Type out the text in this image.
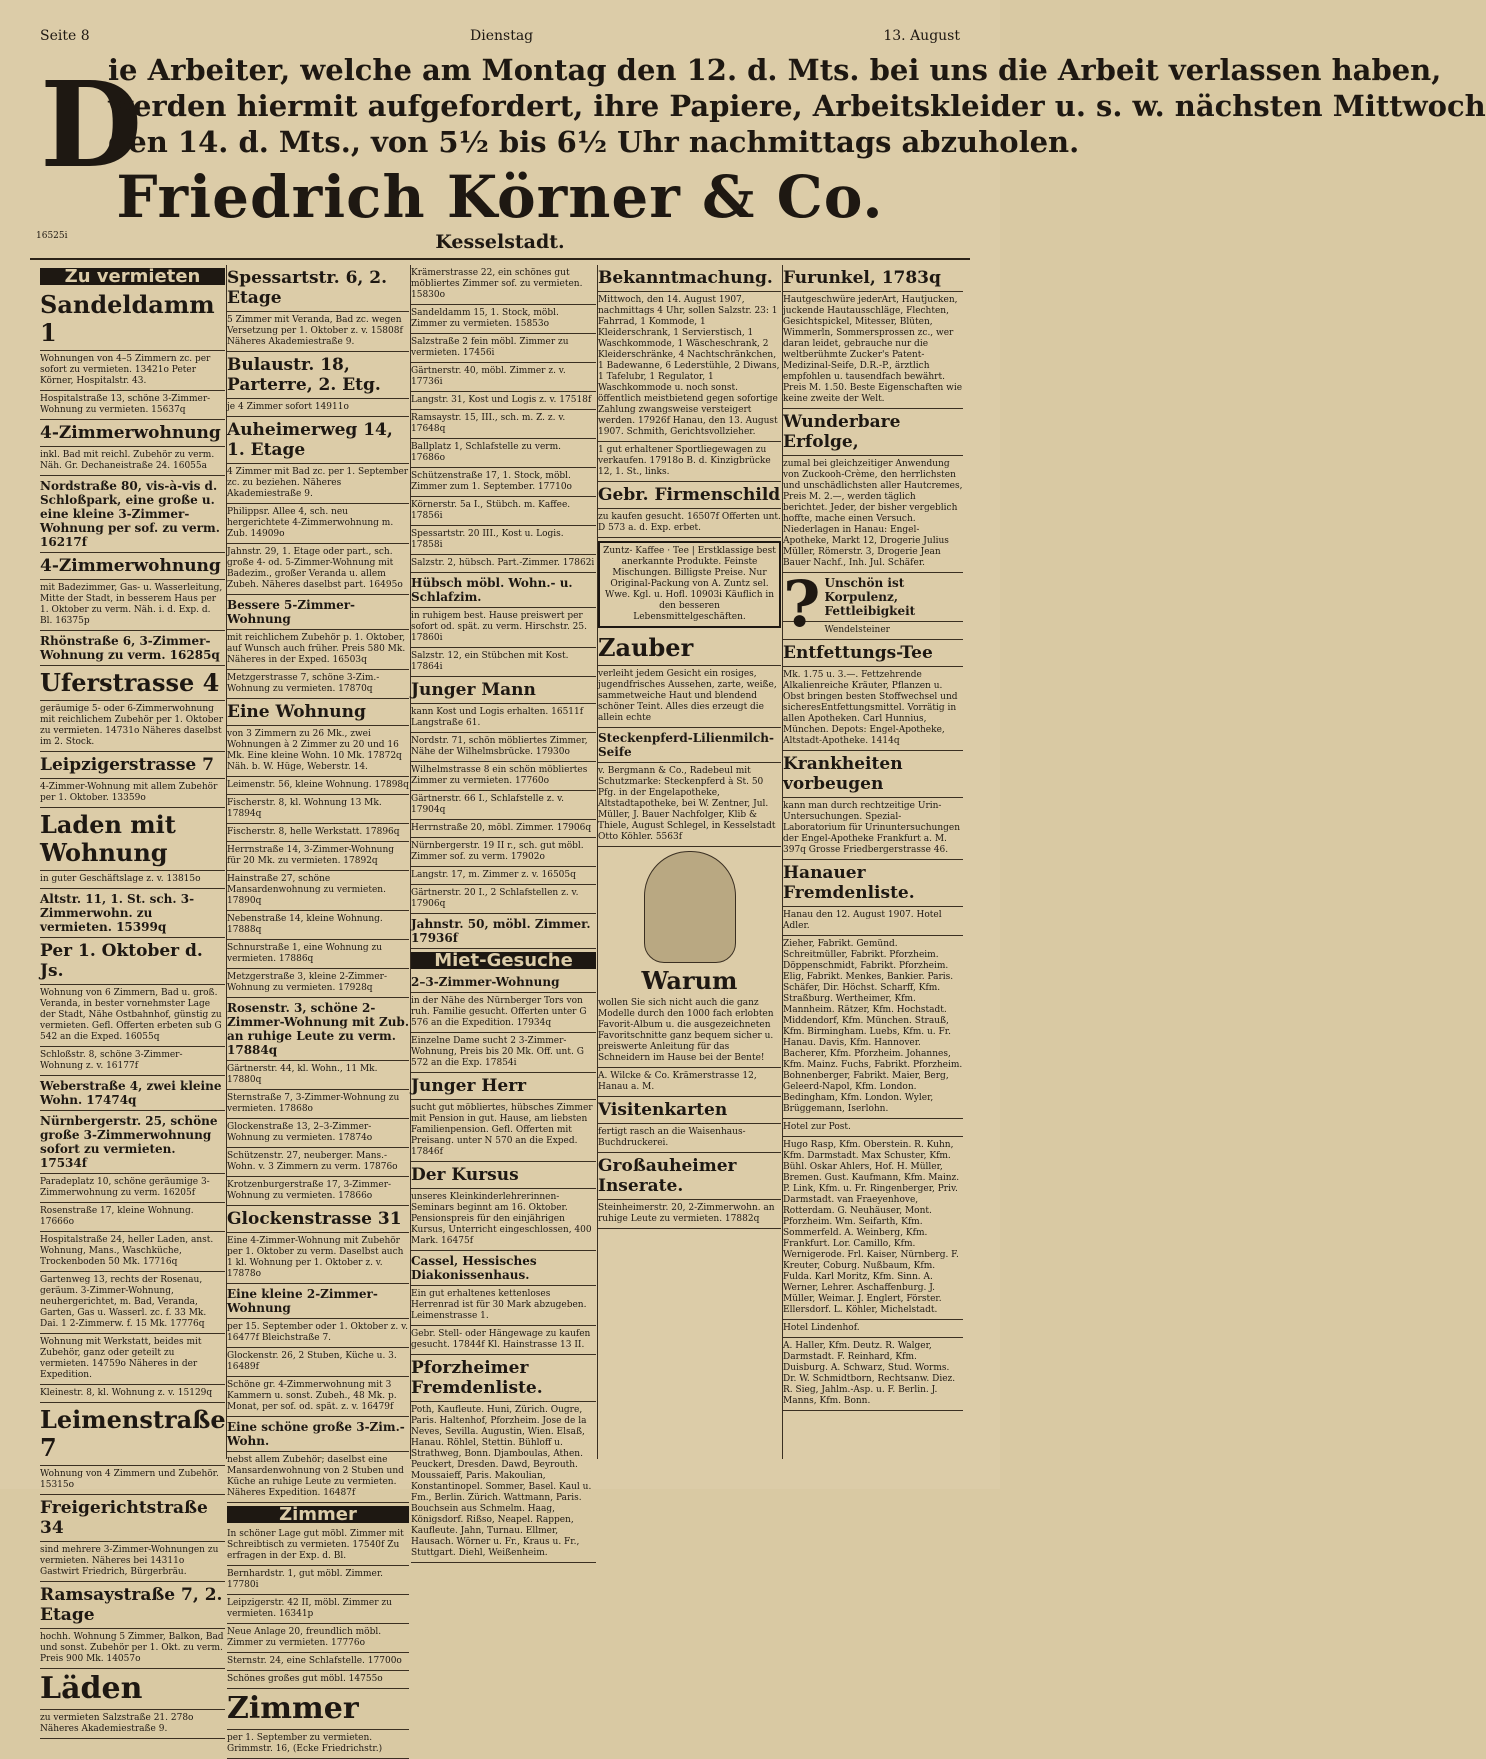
Seite 8	Dienstag	13. August
D
ie Arbeiter, welche am Montag den 12. d. Mts. bei uns die Arbeit verlassen haben,
werden hiermit aufgefordert, ihre Papiere, Arbeitskleider u. s. w. nächsten Mittwoch
den 14. d. Mts., von 5½ bis 6½ Uhr nachmittags abzuholen.
Friedrich Körner & Co.
16525i	Kesselstadt.
Zu vermieten
Sandeldamm 1
Wohnungen von 4–5 Zimmern zc. per sofort zu vermieten. 13421o Peter Körner, Hospitalstr. 43.
Hospitalstraße 13, schöne 3-Zimmer-Wohnung zu vermieten. 15637q
4-Zimmerwohnung
inkl. Bad mit reichl. Zubehör zu verm. Näh. Gr. Dechaneistraße 24. 16055a
Nordstraße 80, vis-à-vis d. Schloßpark, eine große u. eine kleine 3-Zimmer-Wohnung per sof. zu verm. 16217f
4-Zimmerwohnung
mit Badezimmer, Gas- u. Wasserleitung, Mitte der Stadt, in besserem Haus per 1. Oktober zu verm. Näh. i. d. Exp. d. Bl. 16375p
Rhönstraße 6, 3-Zimmer-Wohnung zu verm. 16285q
Uferstrasse 4
geräumige 5- oder 6-Zimmerwohnung mit reichlichem Zubehör per 1. Oktober zu vermieten. 14731o Näheres daselbst im 2. Stock.
Leipzigerstrasse 7
4-Zimmer-Wohnung mit allem Zubehör per 1. Oktober. 13359o
Laden mit Wohnung
in guter Geschäftslage z. v. 13815o
Altstr. 11, 1. St. sch. 3-Zimmerwohn. zu vermieten. 15399q
Per 1. Oktober d. Js.
Wohnung von 6 Zimmern, Bad u. groß. Veranda, in bester vornehmster Lage der Stadt, Nähe Ostbahnhof, günstig zu vermieten. Gefl. Offerten erbeten sub G 542 an die Exped. 16055q
Schloßstr. 8, schöne 3-Zimmer-Wohnung z. v. 16177f
Weberstraße 4, zwei kleine Wohn. 17474q
Nürnbergerstr. 25, schöne große 3-Zimmerwohnung sofort zu vermieten. 17534f
Paradeplatz 10, schöne geräumige 3-Zimmerwohnung zu verm. 16205f
Rosenstraße 17, kleine Wohnung. 17666o
Hospitalstraße 24, heller Laden, anst. Wohnung, Mans., Waschküche, Trockenboden 50 Mk. 17716q
Gartenweg 13, rechts der Rosenau, geräum. 3-Zimmer-Wohnung, neuhergerichtet, m. Bad, Veranda, Garten, Gas u. Wasserl. zc. f. 33 Mk. Dai. 1 2-Zimmerw. f. 15 Mk. 17776q
Wohnung mit Werkstatt, beides mit Zubehör, ganz oder geteilt zu vermieten. 14759o Näheres in der Expedition.
Kleinestr. 8, kl. Wohnung z. v. 15129q
Leimenstraße 7
Wohnung von 4 Zimmern und Zubehör. 15315o
Freigerichtstraße 34
sind mehrere 3-Zimmer-Wohnungen zu vermieten. Näheres bei 14311o Gastwirt Friedrich, Bürgerbräu.
Ramsaystraße 7, 2. Etage
hochh. Wohnung 5 Zimmer, Balkon, Bad und sonst. Zubehör per 1. Okt. zu verm. Preis 900 Mk. 14057o
Läden
zu vermieten Salzstraße 21. 278o Näheres Akademiestraße 9.
Spessartstr. 6, 2. Etage
5 Zimmer mit Veranda, Bad zc. wegen Versetzung per 1. Oktober z. v. 15808f Näheres Akademiestraße 9.
Bulaustr. 18, Parterre, 2. Etg.
je 4 Zimmer sofort 14911o
Auheimerweg 14, 1. Etage
4 Zimmer mit Bad zc. per 1. September zc. zu beziehen. Näheres Akademiestraße 9.
Philippsr. Allee 4, sch. neu hergerichtete 4-Zimmerwohnung m. Zub. 14909o
Jahnstr. 29, 1. Etage oder part., sch. große 4- od. 5-Zimmer-Wohnung mit Badezim., großer Veranda u. allem Zubeh. Näheres daselbst part. 16495o
Bessere 5-Zimmer-Wohnung
mit reichlichem Zubehör p. 1. Oktober, auf Wunsch auch früher. Preis 580 Mk. Näheres in der Exped. 16503q
Metzgerstrasse 7, schöne 3-Zim.-Wohnung zu vermieten. 17870q
Eine Wohnung
von 3 Zimmern zu 26 Mk., zwei Wohnungen à 2 Zimmer zu 20 und 16 Mk. Eine kleine Wohn. 10 Mk. 17872q Näh. b. W. Hüge, Weberstr. 14.
Leimenstr. 56, kleine Wohnung. 17898q
Fischerstr. 8, kl. Wohnung 13 Mk. 17894q
Fischerstr. 8, helle Werkstatt. 17896q
Herrnstraße 14, 3-Zimmer-Wohnung für 20 Mk. zu vermieten. 17892q
Hainstraße 27, schöne Mansardenwohnung zu vermieten. 17890q
Nebenstraße 14, kleine Wohnung. 17888q
Schnurstraße 1, eine Wohnung zu vermieten. 17886q
Metzgerstraße 3, kleine 2-Zimmer-Wohnung zu vermieten. 17928q
Rosenstr. 3, schöne 2-Zimmer-Wohnung mit Zub. an ruhige Leute zu verm. 17884q
Gärtnerstr. 44, kl. Wohn., 11 Mk. 17880q
Sternstraße 7, 3-Zimmer-Wohnung zu vermieten. 17868o
Glockenstraße 13, 2–3-Zimmer-Wohnung zu vermieten. 17874o
Schützenstr. 27, neuberger. Mans.-Wohn. v. 3 Zimmern zu verm. 17876o
Krotzenburgerstraße 17, 3-Zimmer-Wohnung zu vermieten. 17866o
Glockenstrasse 31
Eine 4-Zimmer-Wohnung mit Zubehör per 1. Oktober zu verm. Daselbst auch 1 kl. Wohnung per 1. Oktober z. v. 17878o
Eine kleine 2-Zimmer-Wohnung
per 15. September oder 1. Oktober z. v. 16477f Bleichstraße 7.
Glockenstr. 26, 2 Stuben, Küche u. 3. 16489f
Schöne gr. 4-Zimmerwohnung mit 3 Kammern u. sonst. Zubeh., 48 Mk. p. Monat, per sof. od. spät. z. v. 16479f
Eine schöne große 3-Zim.-Wohn.
nebst allem Zubehör; daselbst eine Mansardenwohnung von 2 Stuben und Küche an ruhige Leute zu vermieten. Näheres Expedition. 16487f
Zimmer
In schöner Lage gut möbl. Zimmer mit Schreibtisch zu vermieten. 17540f Zu erfragen in der Exp. d. Bl.
Bernhardstr. 1, gut möbl. Zimmer. 17780i
Leipzigerstr. 42 II, möbl. Zimmer zu vermieten. 16341p
Neue Anlage 20, freundlich möbl. Zimmer zu vermieten. 17776o
Sternstr. 24, eine Schlafstelle. 17700o
Schönes großes gut möbl. 14755o
Zimmer
per 1. September zu vermieten. Grimmstr. 16, (Ecke Friedrichstr.)
Krämerstrasse 22, ein schönes gut möbliertes Zimmer sof. zu vermieten. 15830o
Sandeldamm 15, 1. Stock, möbl. Zimmer zu vermieten. 15853o
Salzstraße 2 fein möbl. Zimmer zu vermieten. 17456i
Gärtnerstr. 40, möbl. Zimmer z. v. 17736i
Langstr. 31, Kost und Logis z. v. 17518f
Ramsaystr. 15, III., sch. m. Z. z. v. 17648q
Ballplatz 1, Schlafstelle zu verm. 17686o
Schützenstraße 17, 1. Stock, möbl. Zimmer zum 1. September. 17710o
Körnerstr. 5a I., Stübch. m. Kaffee. 17856i
Spessartstr. 20 III., Kost u. Logis. 17858i
Salzstr. 2, hübsch. Part.-Zimmer. 17862i
Hübsch möbl. Wohn.- u. Schlafzim.
in ruhigem best. Hause preiswert per sofort od. spät. zu verm. Hirschstr. 25. 17860i
Salzstr. 12, ein Stübchen mit Kost. 17864i
Junger Mann
kann Kost und Logis erhalten. 16511f Langstraße 61.
Nordstr. 71, schön möbliertes Zimmer, Nähe der Wilhelmsbrücke. 17930o
Wilhelmstrasse 8 ein schön möbliertes Zimmer zu vermieten. 17760o
Gärtnerstr. 66 I., Schlafstelle z. v. 17904q
Herrnstraße 20, möbl. Zimmer. 17906q
Nürnbergerstr. 19 II r., sch. gut möbl. Zimmer sof. zu verm. 17902o
Langstr. 17, m. Zimmer z. v. 16505q
Gärtnerstr. 20 I., 2 Schlafstellen z. v. 17906q
Jahnstr. 50, möbl. Zimmer. 17936f
Miet-Gesuche
2–3-Zimmer-Wohnung
in der Nähe des Nürnberger Tors von ruh. Familie gesucht. Offerten unter G 576 an die Expedition. 17934q
Einzelne Dame sucht 2 3-Zimmer-Wohnung, Preis bis 20 Mk. Off. unt. G 572 an die Exp. 17854i
Junger Herr
sucht gut möbliertes, hübsches Zimmer mit Pension in gut. Hause, am liebsten Familienpension. Gefl. Offerten mit Preisang. unter N 570 an die Exped. 17846f
Der Kursus
unseres Kleinkinderlehrerinnen-Seminars beginnt am 16. Oktober. Pensionspreis für den einjährigen Kursus, Unterricht eingeschlossen, 400 Mark. 16475f
Cassel, Hessisches Diakonissenhaus.
Ein gut erhaltenes kettenloses Herrenrad ist für 30 Mark abzugeben. Leimenstrasse 1.
Gebr. Stell- oder Hängewage zu kaufen gesucht. 17844f Kl. Hainstrasse 13 II.
Pforzheimer Fremdenliste.
Poth, Kaufleute. Huni, Zürich. Ougre, Paris. Haltenhof, Pforzheim. Jose de la Neves, Sevilla. Augustin, Wien. Elsaß, Hanau. Röhlel, Stettin. Bühloff u. Strathweg, Bonn. Djamboulas, Athen. Peuckert, Dresden. Dawd, Beyrouth. Moussaieff, Paris. Makoulian, Konstantinopel. Sommer, Basel. Kaul u. Fm., Berlin. Zürich. Wattmann, Paris. Bouchsein aus Schmelm. Haag, Königsdorf. Rißso, Neapel. Rappen, Kaufleute. Jahn, Turnau. Ellmer, Hausach. Wörner u. Fr., Kraus u. Fr., Stuttgart. Diehl, Weißenheim.
Bekanntmachung.
Mittwoch, den 14. August 1907, nachmittags 4 Uhr, sollen Salzstr. 23: 1 Fahrrad, 1 Kommode, 1 Kleiderschrank, 1 Servierstisch, 1 Waschkommode, 1 Wäscheschrank, 2 Kleiderschränke, 4 Nachtschränkchen, 1 Badewanne, 6 Lederstühle, 2 Diwans, 1 Tafelubr, 1 Regulator, 1 Waschkommode u. noch sonst. öffentlich meistbietend gegen sofortige Zahlung zwangsweise versteigert werden. 17926f Hanau, den 13. August 1907. Schmith, Gerichtsvollzieher.
1 gut erhaltener Sportliegewagen zu verkaufen. 17918o B. d. Kinzigbrücke 12, 1. St., links.
Gebr. Firmenschild
zu kaufen gesucht. 16507f Offerten unt. D 573 a. d. Exp. erbet.
Zuntz- Kaffee · Tee | Erstklassige best anerkannte Produkte. Feinste Mischungen. Billigste Preise. Nur Original-Packung von A. Zuntz sel. Wwe. Kgl. u. Hofl. 10903i Käuflich in den besseren Lebensmittelgeschäften.
Zauber
verleiht jedem Gesicht ein rosiges, jugendfrisches Aussehen, zarte, weiße, sammetweiche Haut und blendend schöner Teint. Alles dies erzeugt die allein echte
Steckenpferd-Lilienmilch-Seife
v. Bergmann & Co., Radebeul mit Schutzmarke: Steckenpferd à St. 50 Pfg. in der Engelapotheke, Altstadtapotheke, bei W. Zentner, Jul. Müller, J. Bauer Nachfolger, Klib & Thiele, August Schlegel, in Kesselstadt Otto Köhler. 5563f
Warum
wollen Sie sich nicht auch die ganz Modelle durch den 1000 fach erlobten Favorit-Album u. die ausgezeichneten Favoritschnitte ganz bequem sicher u. preiswerte Anleitung für das Schneidern im Hause bei der Bente!
A. Wilcke & Co. Krämerstrasse 12, Hanau a. M.
Visitenkarten
fertigt rasch an die Waisenhaus-Buchdruckerei.
Großauheimer Inserate.
Steinheimerstr. 20, 2-Zimmerwohn. an ruhige Leute zu vermieten. 17882q
Furunkel, 1783q
Hautgeschwüre jederArt, Hautjucken, juckende Hautausschläge, Flechten, Gesichtspickel, Mitesser, Blüten, Wimmerln, Sommersprossen zc., wer daran leidet, gebrauche nur die weltberühmte Zucker's Patent-Medizinal-Seife, D.R.-P., ärztlich empfohlen u. tausendfach bewährt. Preis M. 1.50. Beste Eigenschaften wie keine zweite der Welt.
Wunderbare Erfolge,
zumal bei gleichzeitiger Anwendung von Zuckooh-Crème, den herrlichsten und unschädlichsten aller Hautcremes, Preis M. 2.—, werden täglich berichtet. Jeder, der bisher vergeblich hoffte, mache einen Versuch. Niederlagen in Hanau: Engel-Apotheke, Markt 12, Drogerie Julius Müller, Römerstr. 3, Drogerie Jean Bauer Nachf., Inh. Jul. Schäfer.
? Unschön ist Korpulenz, Fettleibigkeit
Wendelsteiner
Entfettungs-Tee
Mk. 1.75 u. 3.—. Fettzehrende Alkalienreiche Kräuter, Pflanzen u. Obst bringen besten Stoffwechsel und sicheresEntfettungsmittel. Vorrätig in allen Apotheken. Carl Hunnius, München. Depots: Engel-Apotheke, Altstadt-Apotheke. 1414q
Krankheiten vorbeugen
kann man durch rechtzeitige Urin-Untersuchungen. Spezial-Laboratorium für Urinuntersuchungen der Engel-Apotheke Frankfurt a. M. 397q Grosse Friedbergerstrasse 46.
Hanauer Fremdenliste.
Hanau den 12. August 1907. Hotel Adler.
Zieher, Fabrikt. Gemünd. Schreitmüller, Fabrikt. Pforzheim. Döppenschmidt, Fabrikt. Pforzheim. Elig, Fabrikt. Menkes, Bankier. Paris. Schäfer, Dir. Höchst. Scharff, Kfm. Straßburg. Wertheimer, Kfm. Mannheim. Rätzer, Kfm. Hochstadt. Middendorf, Kfm. München. Strauß, Kfm. Birmingham. Luebs, Kfm. u. Fr. Hanau. Davis, Kfm. Hannover. Bacherer, Kfm. Pforzheim. Johannes, Kfm. Mainz. Fuchs, Fabrikt. Pforzheim. Bohnenberger, Fabrikt. Maier, Berg, Geleerd-Napol, Kfm. London. Bedingham, Kfm. London. Wyler, Brüggemann, Iserlohn.
Hotel zur Post.
Hugo Rasp, Kfm. Oberstein. R. Kuhn, Kfm. Darmstadt. Max Schuster, Kfm. Bühl. Oskar Ahlers, Hof. H. Müller, Bremen. Gust. Kaufmann, Kfm. Mainz. P. Link, Kfm. u. Fr. Ringenberger, Priv. Darmstadt. van Fraeyenhove, Rotterdam. G. Neuhäuser, Mont. Pforzheim. Wm. Seifarth, Kfm. Sommerfeld. A. Weinberg, Kfm. Frankfurt. Lor. Camillo, Kfm. Wernigerode. Frl. Kaiser, Nürnberg. F. Kreuter, Coburg. Nußbaum, Kfm. Fulda. Karl Moritz, Kfm. Sinn. A. Werner, Lehrer. Aschaffenburg. J. Müller, Weimar. J. Englert, Förster. Ellersdorf. L. Köhler, Michelstadt.
Hotel Lindenhof.
A. Haller, Kfm. Deutz. R. Walger, Darmstadt. F. Reinhard, Kfm. Duisburg. A. Schwarz, Stud. Worms. Dr. W. Schmidtborn, Rechtsanw. Diez. R. Sieg, Jahlm.-Asp. u. F. Berlin. J. Manns, Kfm. Bonn.
